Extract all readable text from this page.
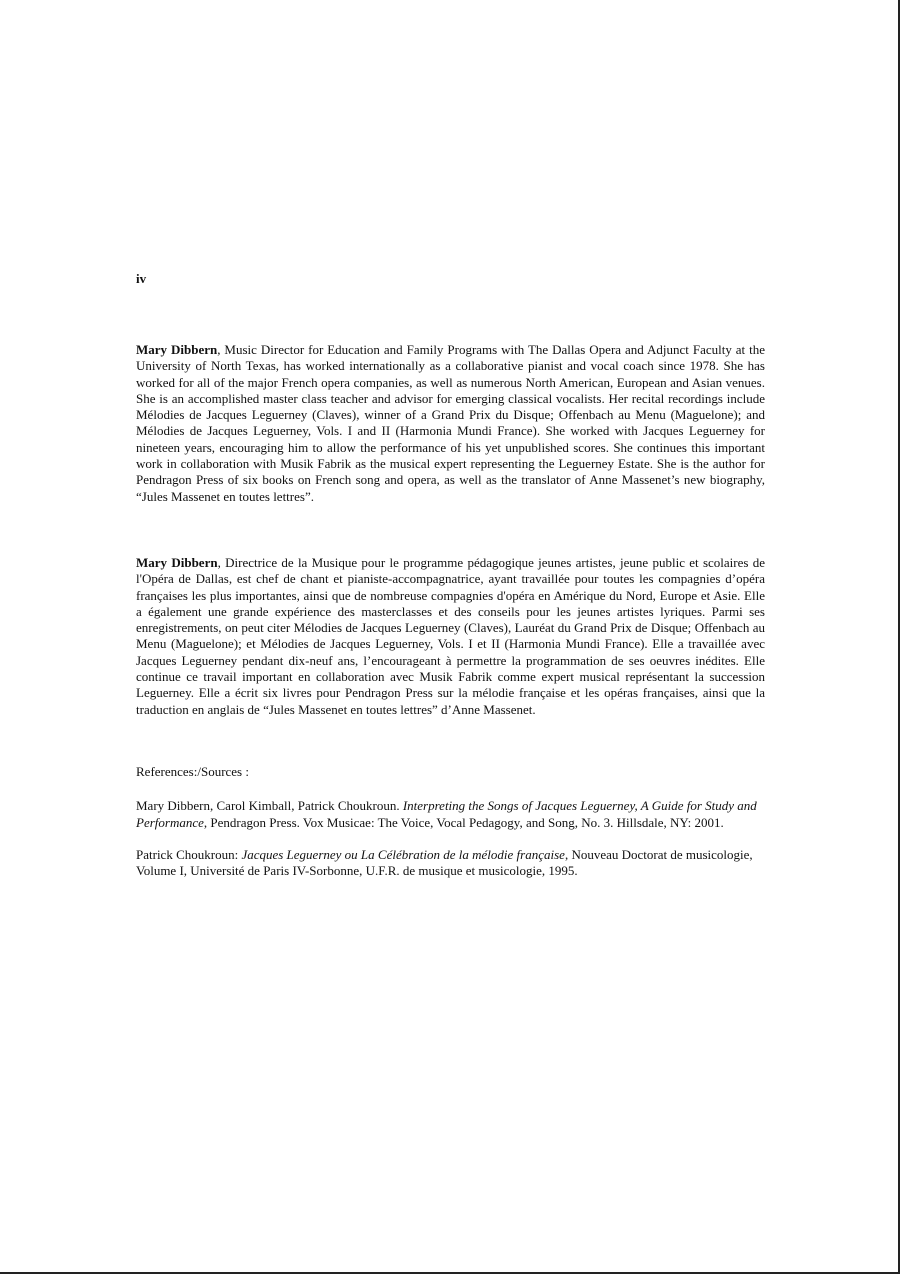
iv

Mary Dibbern, Music Director for Education and Family Programs with The Dallas Opera and Adjunct Faculty at the University of North Texas, has worked internationally as a collaborative pianist and vocal coach since 1978. She has worked for all of the major French opera companies, as well as numerous North American, European and Asian venues. She is an accomplished master class teacher and advisor for emerging classical vocalists. Her recital recordings include Mélodies de Jacques Leguerney (Claves), winner of a Grand Prix du Disque; Offenbach au Menu (Maguelone); and Mélodies de Jacques Leguerney, Vols. I and II (Harmonia Mundi France). She worked with Jacques Leguerney for nineteen years, encouraging him to allow the performance of his yet unpublished scores. She continues this important work in collaboration with Musik Fabrik as the musical expert representing the Leguerney Estate. She is the author for Pendragon Press of six books on French song and opera, as well as the translator of Anne Massenet’s new biography, “Jules Massenet en toutes lettres”.

Mary Dibbern, Directrice de la Musique pour le programme pédagogique jeunes artistes, jeune public et scolaires de l'Opéra de Dallas, est chef de chant et pianiste-accompagnatrice, ayant travaillée pour toutes les compagnies d’opéra françaises les plus importantes, ainsi que de nombreuse compagnies d'opéra en Amérique du Nord, Europe et Asie. Elle a également une grande expérience des masterclasses et des conseils pour les jeunes artistes lyriques. Parmi ses enregistrements, on peut citer Mélodies de Jacques Leguerney (Claves), Lauréat du Grand Prix de Disque; Offenbach au Menu (Maguelone); et Mélodies de Jacques Leguerney, Vols. I et II (Harmonia Mundi France). Elle a travaillée avec Jacques Leguerney pendant dix-neuf ans, l’encourageant à permettre la programmation de ses oeuvres inédites. Elle continue ce travail important en collaboration avec Musik Fabrik comme expert musical représentant la succession Leguerney. Elle a écrit six livres pour Pendragon Press sur la mélodie française et les opéras françaises, ainsi que la traduction en anglais de “Jules Massenet en toutes lettres” d’Anne Massenet.

References:/Sources :

Mary Dibbern, Carol Kimball, Patrick Choukroun. Interpreting the Songs of Jacques Leguerney, A Guide for Study and Performance, Pendragon Press. Vox Musicae: The Voice, Vocal Pedagogy, and Song, No. 3. Hillsdale, NY: 2001.

Patrick Choukroun: Jacques Leguerney ou La Célébration de la mélodie française, Nouveau Doctorat de musicologie, Volume I, Université de Paris IV-Sorbonne, U.F.R. de musique et musicologie, 1995.
